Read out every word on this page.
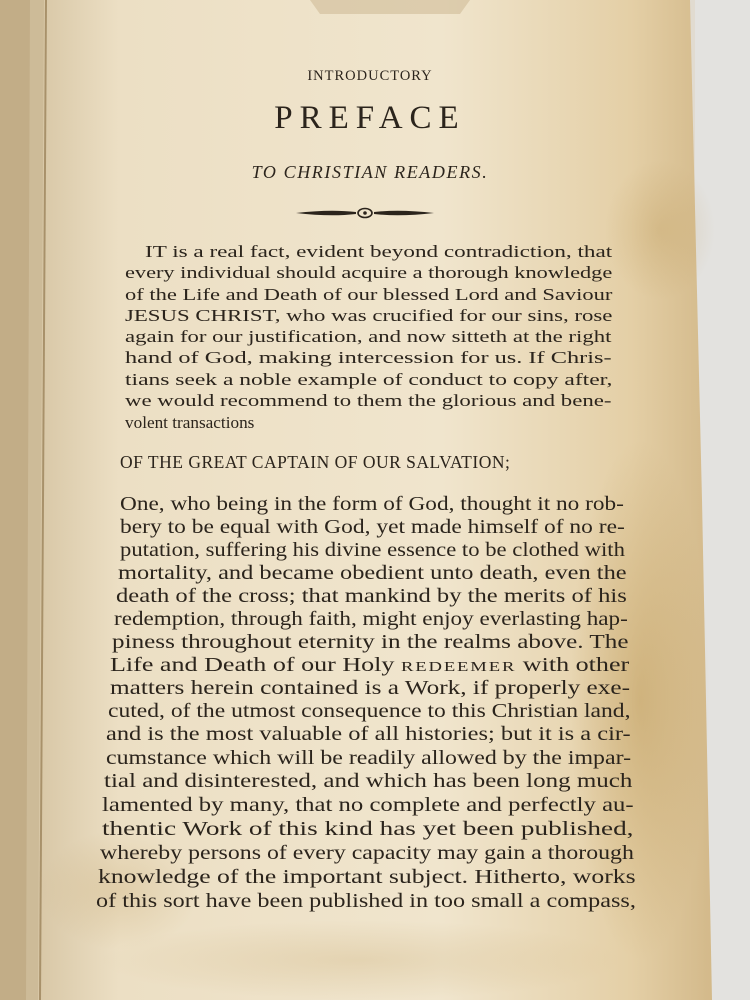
INTRODUCTORY
PREFACE
TO CHRISTIAN READERS.
IT is a real fact, evident beyond contradiction, that
every individual should acquire a thorough knowledge
of the Life and Death of our blessed Lord and Saviour
JESUS CHRIST, who was crucified for our sins, rose
again for our justification, and now sitteth at the right
hand of God, making intercession for us. If Chris-
tians seek a noble example of conduct to copy after,
we would recommend to them the glorious and bene-
volent transactions
OF THE GREAT CAPTAIN OF OUR SALVATION;
One, who being in the form of God, thought it no rob-
bery to be equal with God, yet made himself of no re-
putation, suffering his divine essence to be clothed with
mortality, and became obedient unto death, even the
death of the cross; that mankind by the merits of his
redemption, through faith, might enjoy everlasting hap-
piness throughout eternity in the realms above. The
Life and Death of our Holy REDEEMER with other
matters herein contained is a Work, if properly exe-
cuted, of the utmost consequence to this Christian land,
and is the most valuable of all histories; but it is a cir-
cumstance which will be readily allowed by the impar-
tial and disinterested, and which has been long much
lamented by many, that no complete and perfectly au-
thentic Work of this kind has yet been published,
whereby persons of every capacity may gain a thorough
knowledge of the important subject. Hitherto, works
of this sort have been published in too small a compass,
